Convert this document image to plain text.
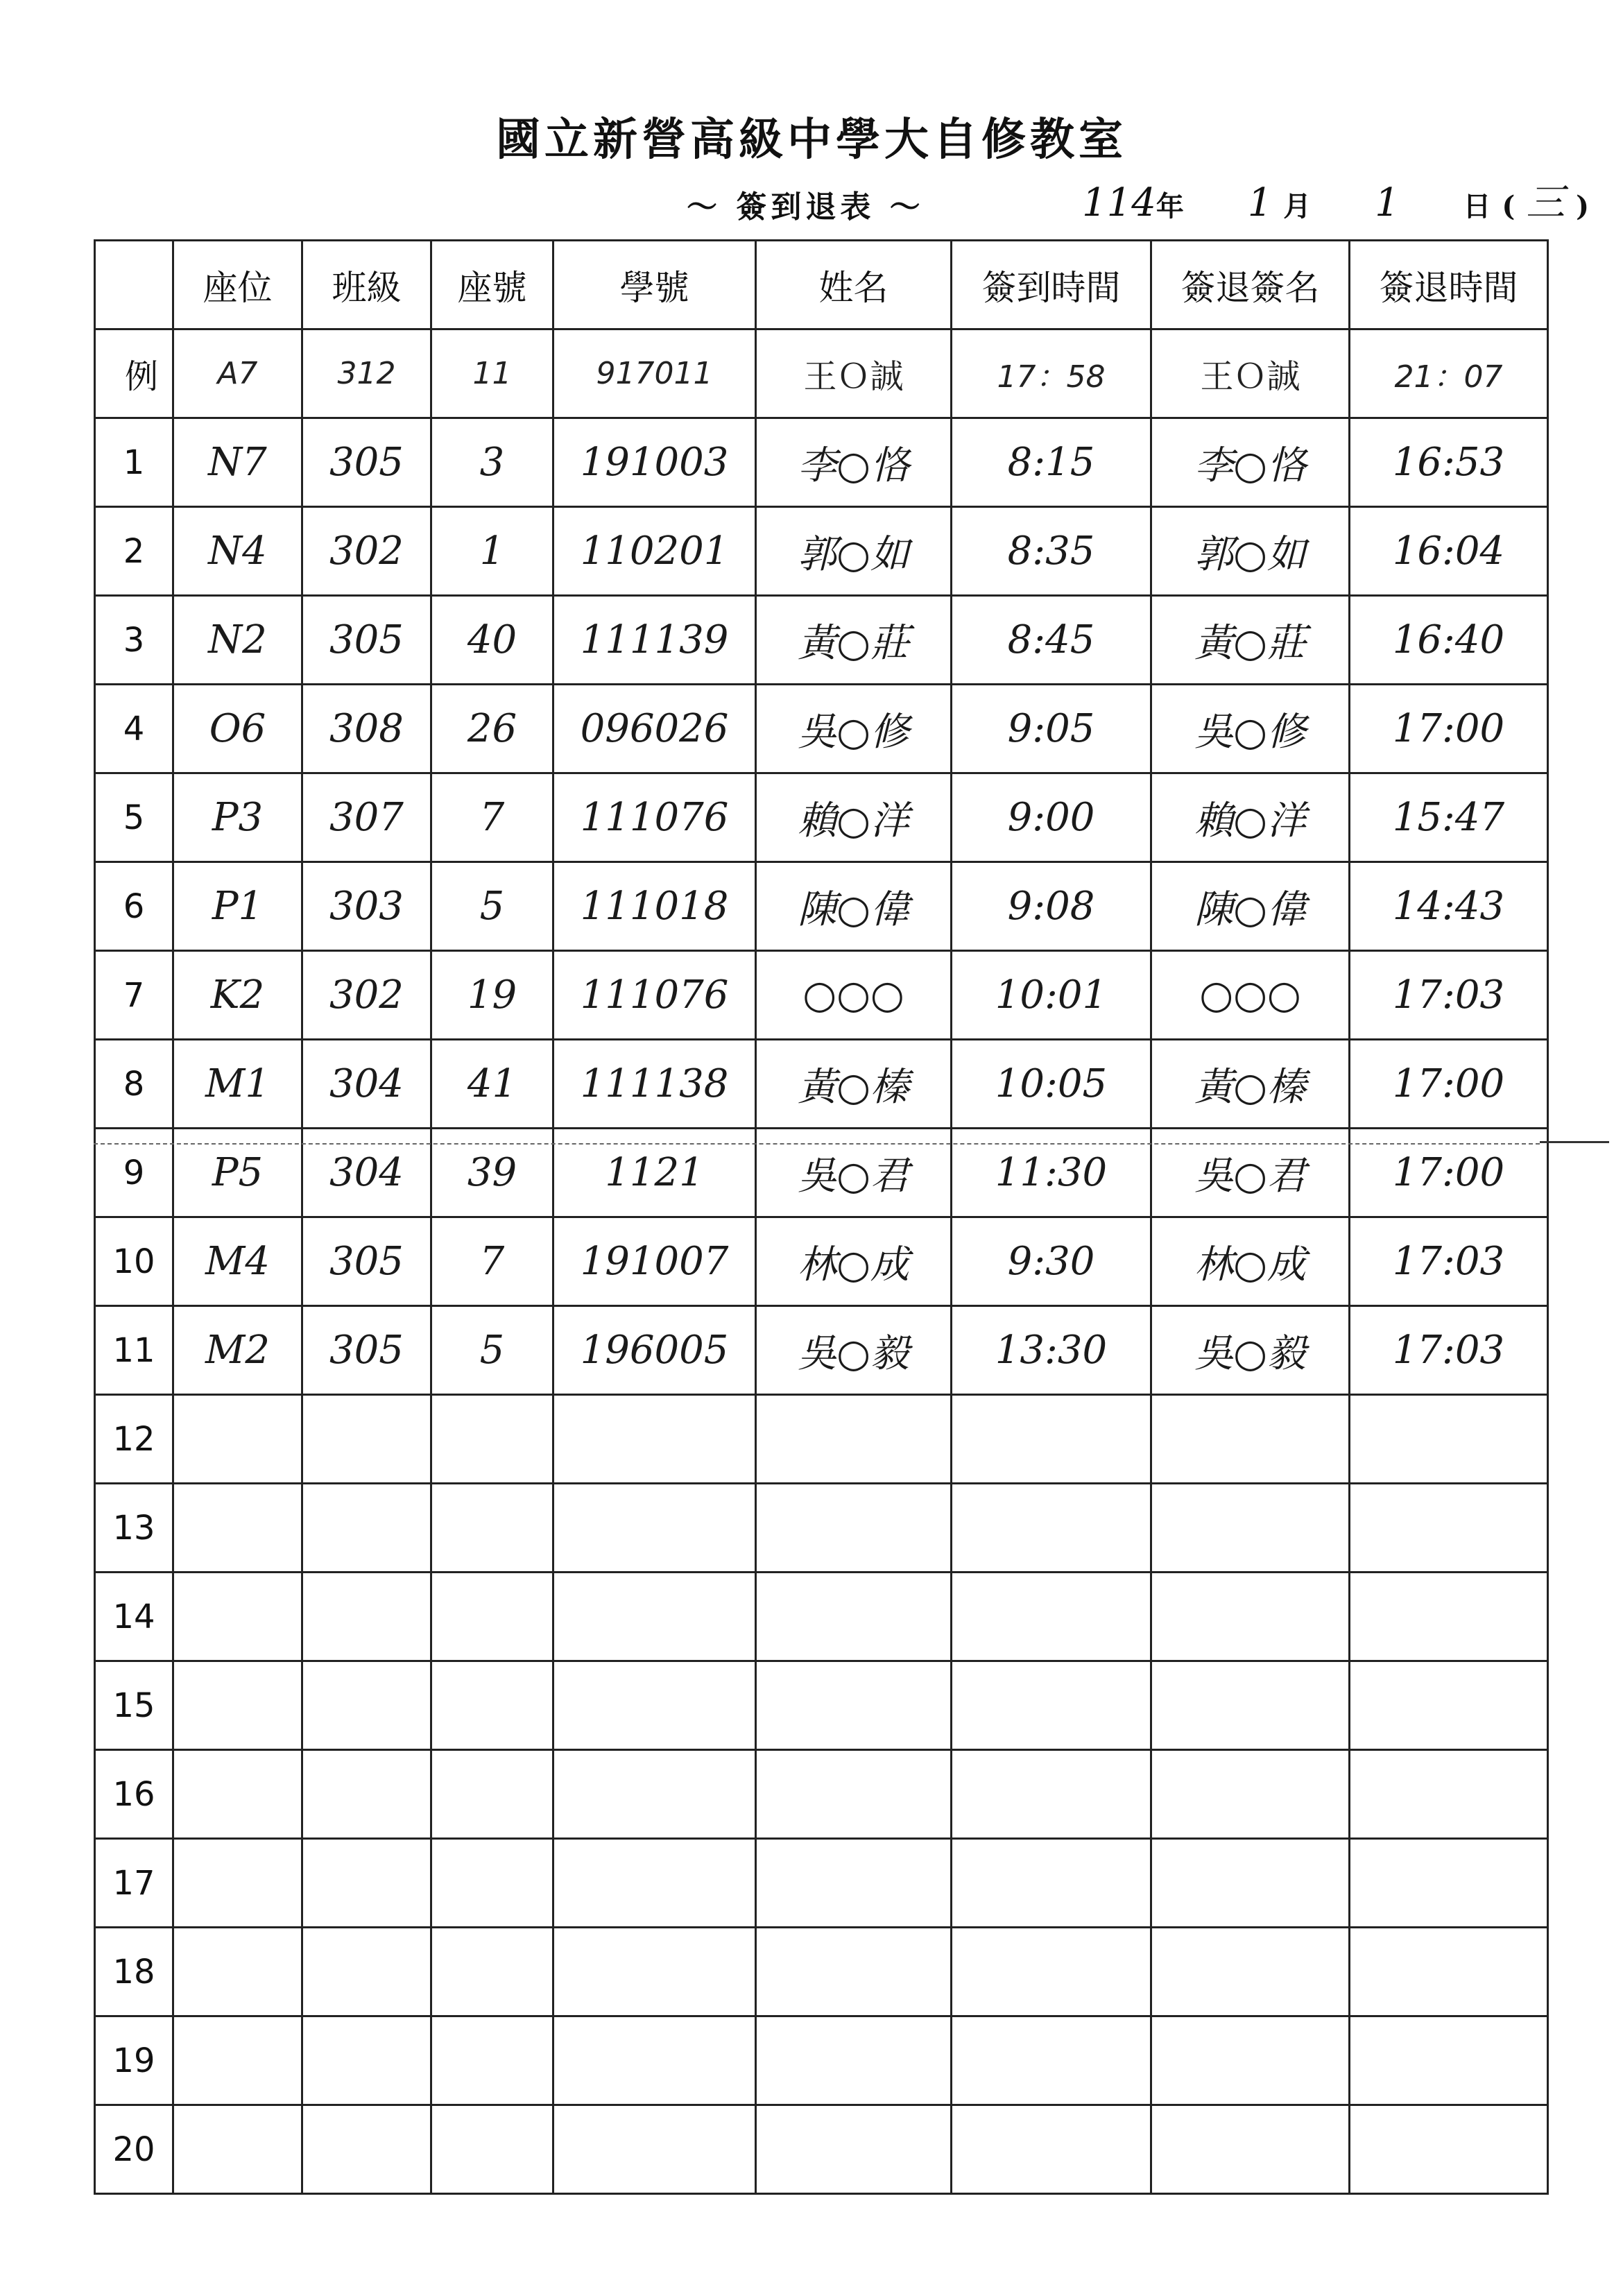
國立新營高級中學大自修教室
～ 簽到退表 ～	114年 1 月 1 日 ( 三 )
	座位	班級	座號	學號	姓名	簽到時間	簽退簽名	簽退時間
例	A7	312	11	917011	王Ｏ誠	17：58	王Ｏ誠	21：07
1	N7	305	3	191003	李○恪	8:15	李○恪	16:53
2	N4	302	1	110201	郭○如	8:35	郭○如	16:04
3	N2	305	40	111139	黃○莊	8:45	黃○莊	16:40
4	O6	308	26	096026	吳○修	9:05	吳○修	17:00
5	P3	307	7	111076	賴○洋	9:00	賴○洋	15:47
6	P1	303	5	111018	陳○偉	9:08	陳○偉	14:43
7	K2	302	19	111076	○○○	10:01	○○○	17:03
8	M1	304	41	111138	黃○榛	10:05	黃○榛	17:00
9	P5	304	39	1121	吳○君	11:30	吳○君	17:00
10	M4	305	7	191007	林○成	9:30	林○成	17:03
11	M2	305	5	196005	吳○毅	13:30	吳○毅	17:03
12								
13								
14								
15								
16								
17								
18								
19								
20								
